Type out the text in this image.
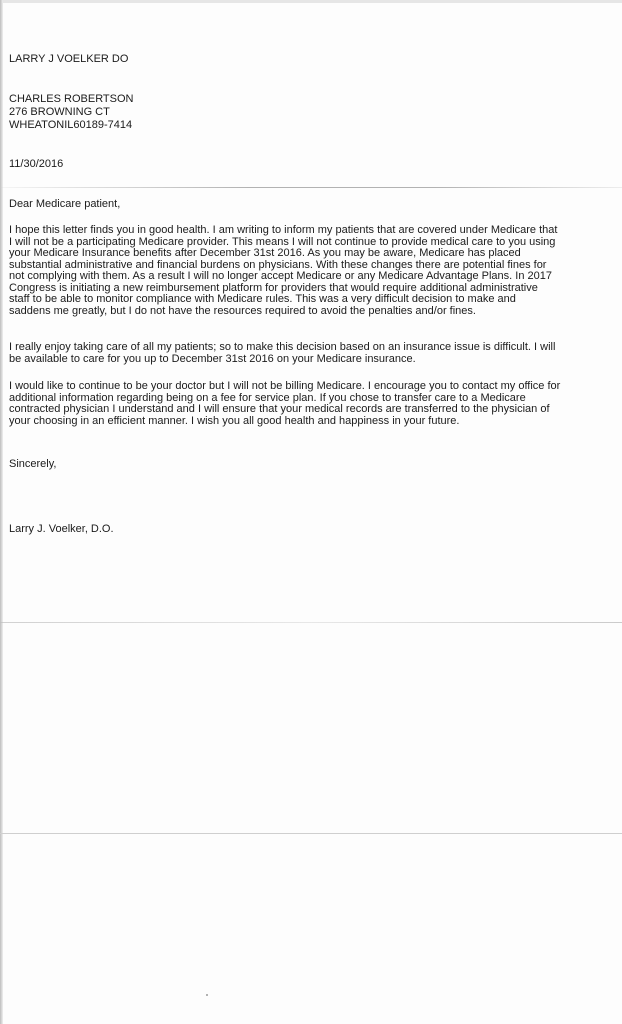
LARRY J VOELKER DO

CHARLES ROBERTSON

276 BROWNING CT

WHEATONIL60189-7414

11/30/2016

Dear Medicare patient,

I hope this letter finds you in good health. I am writing to inform my patients that are covered under Medicare that
I will not be a participating Medicare provider. This means I will not continue to provide medical care to you using
your Medicare Insurance benefits after December 31st 2016. As you may be aware, Medicare has placed
substantial administrative and financial burdens on physicians. With these changes there are potential fines for
not complying with them. As a result I will no longer accept Medicare or any Medicare Advantage Plans. In 2017
Congress is initiating a new reimbursement platform for providers that would require additional administrative
staff to be able to monitor compliance with Medicare rules. This was a very difficult decision to make and
saddens me greatly, but I do not have the resources required to avoid the penalties and/or fines.
I really enjoy taking care of all my patients; so to make this decision based on an insurance issue is difficult. I will
be available to care for you up to December 31st 2016 on your Medicare insurance.
I would like to continue to be your doctor but I will not be billing Medicare. I encourage you to contact my office for
additional information regarding being on a fee for service plan. If you chose to transfer care to a Medicare
contracted physician I understand and I will ensure that your medical records are transferred to the physician of
your choosing in an efficient manner. I wish you all good health and happiness in your future.

Sincerely,

Larry J. Voelker, D.O.
